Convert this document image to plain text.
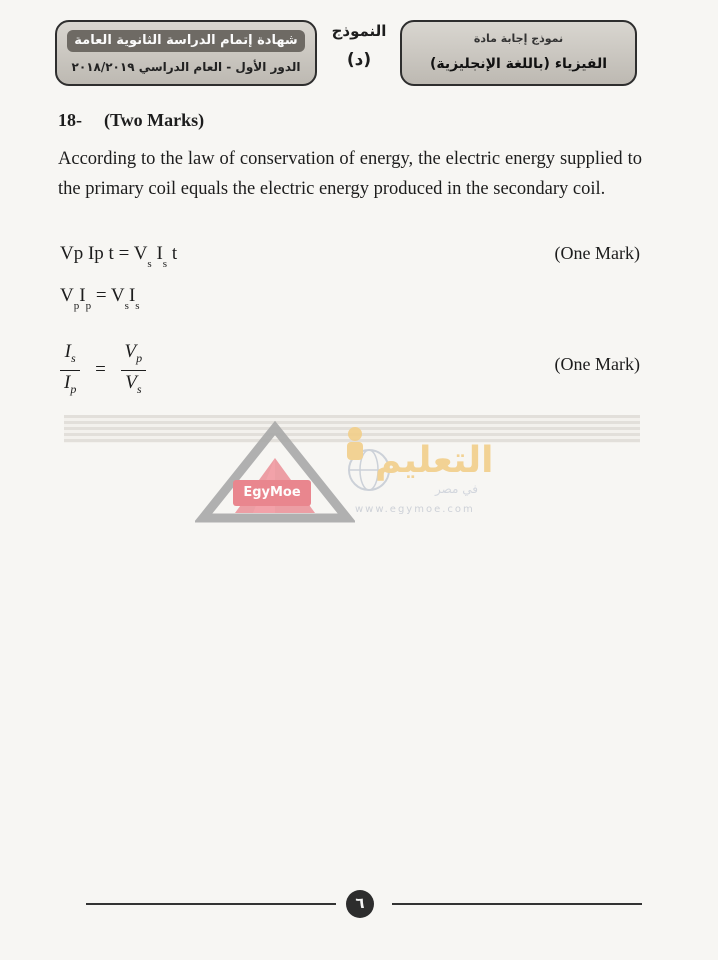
شهادة إتمام الدراسة الثانوية العامة
الدور الأول - العام الدراسي ٢٠١٨/٢٠١٩
النموذج
(د)
نموذج إجابة مادة
الفيزياء (باللغة الإنجليزية)
18- (Two Marks)
According to the law of conservation of energy, the electric energy supplied to the primary coil equals the electric energy produced in the secondary coil.
Vp Ip $t = V_s$ $I_s$ t	(One Mark)
$V_pI_p = V_sI_s$
$\frac{I_s}{I_p} = \frac{V_p}{V_s}$	(One Mark)
EgyMoe
التعليم
في مصر
www.egymoe.com
٦
